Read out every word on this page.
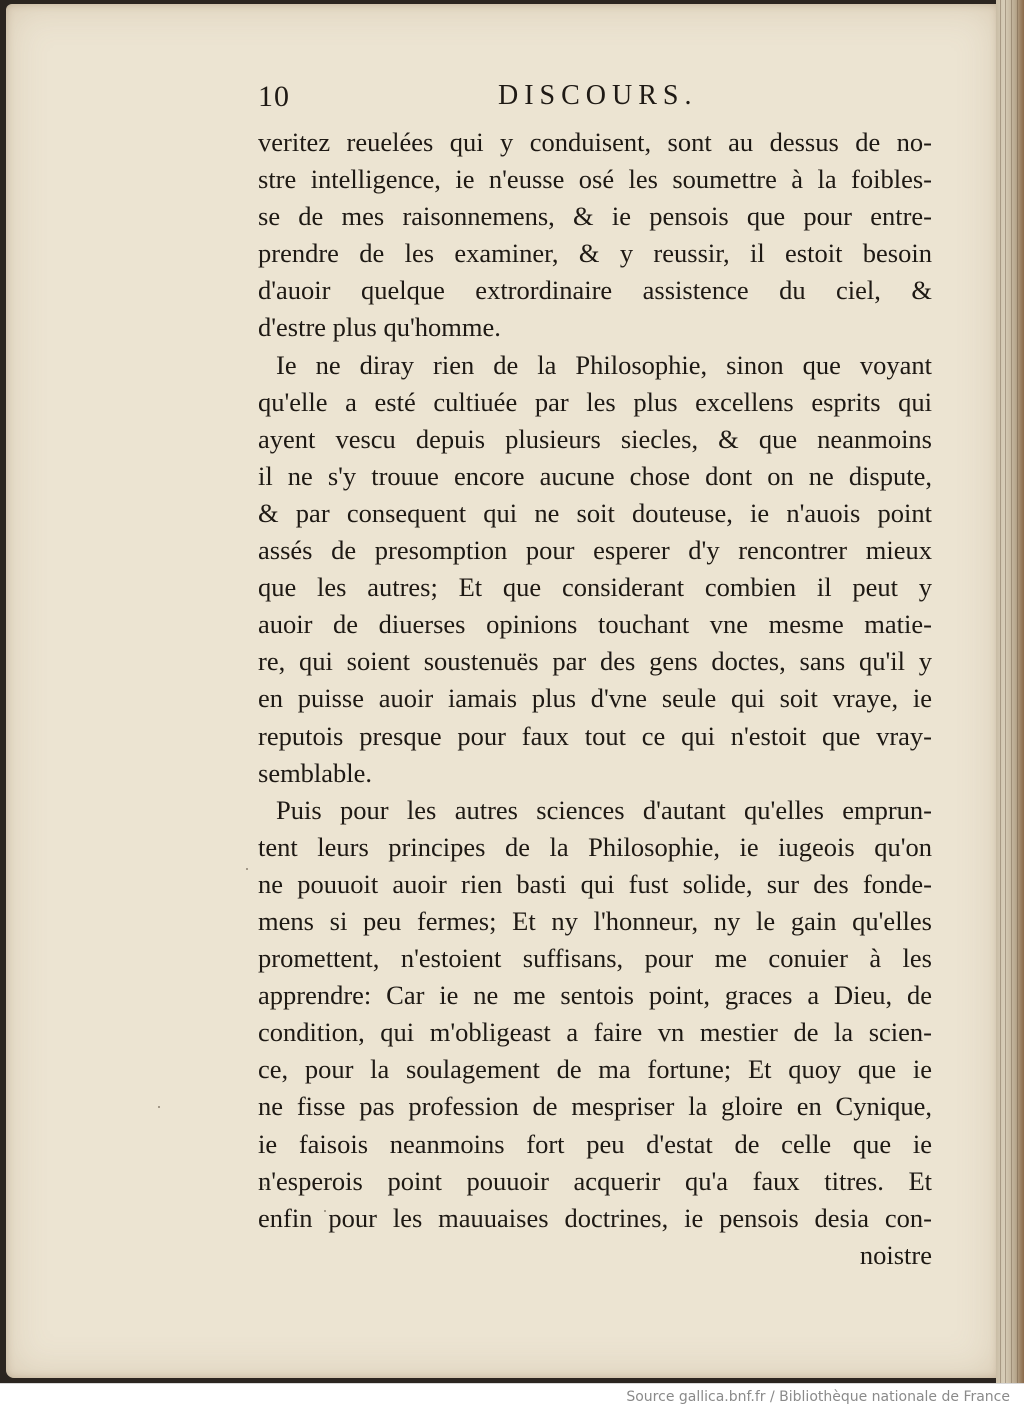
10	DISCOURS.
veritez reuelées qui y conduisent, sont au dessus de no-
stre intelligence, ie n'eusse osé les soumettre à la foibles-
se de mes raisonnemens, & ie pensois que pour entre-
prendre de les examiner, & y reussir, il estoit besoin
d'auoir quelque extrordinaire assistence du ciel, &
d'estre plus qu'homme.
Ie ne diray rien de la Philosophie, sinon que voyant
qu'elle a esté cultiuée par les plus excellens esprits qui
ayent vescu depuis plusieurs siecles, & que neanmoins
il ne s'y trouue encore aucune chose dont on ne dispute,
& par consequent qui ne soit douteuse, ie n'auois point
assés de presomption pour esperer d'y rencontrer mieux
que les autres; Et que considerant combien il peut y
auoir de diuerses opinions touchant vne mesme matie-
re, qui soient soustenuës par des gens doctes, sans qu'il y
en puisse auoir iamais plus d'vne seule qui soit vraye, ie
reputois presque pour faux tout ce qui n'estoit que vray-
semblable.
Puis pour les autres sciences d'autant qu'elles emprun-
tent leurs principes de la Philosophie, ie iugeois qu'on
ne pouuoit auoir rien basti qui fust solide, sur des fonde-
mens si peu fermes; Et ny l'honneur, ny le gain qu'elles
promettent, n'estoient suffisans, pour me conuier à les
apprendre: Car ie ne me sentois point, graces a Dieu, de
condition, qui m'obligeast a faire vn mestier de la scien-
ce, pour la soulagement de ma fortune; Et quoy que ie
ne fisse pas profession de mespriser la gloire en Cynique,
ie faisois neanmoins fort peu d'estat de celle que ie
n'esperois point pouuoir acquerir qu'a faux titres. Et
enfin pour les mauuaises doctrines, ie pensois desia con-
noistre
Source gallica.bnf.fr / Bibliothèque nationale de France
